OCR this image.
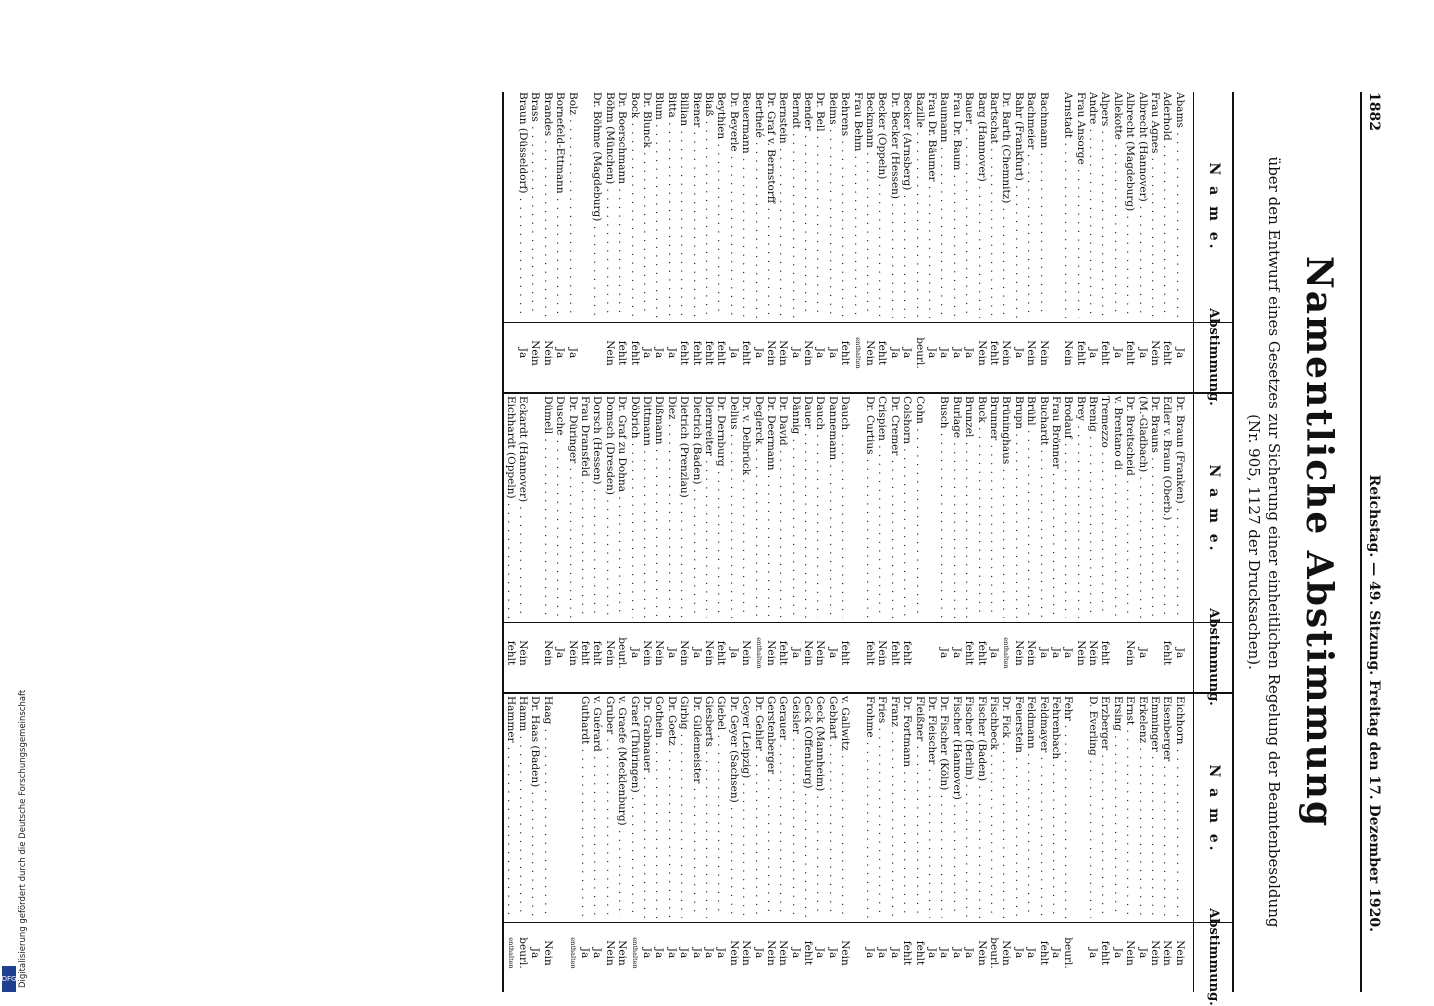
1882
Reichstag. — 49. Sitzung. Freitag den 17. Dezember 1920.
Namentliche Abstimmung
über den Entwurf eines Gesetzes zur Sicherung einer einheitlichen Regelung der Beamtenbesoldung
(Nr. 905, 1127 der Drucksachen).
N a m e.
Abstimmung.
Abams . . .
Ja
Aderhold . . .
fehlt
Frau Agnes . . .
Nein
Albrecht (Hannover) . . .
Ja
Albrecht (Magdeburg) . . .
fehlt
Allekotte . . .
Ja
Alpers . . .
fehlt
Andre . . .
Ja
Frau Ansorge . . .
fehlt
Arnstadt . . .
Nein
Bachmann . . .
Nein
Bachmeier . . .
Nein
Bahr (Frankfurt) . . .
Ja
Dr. Barth (Chemnitz) . . .
Nein
Bartschat . . .
fehlt
Barg (Hannover) . . .
Nein
Bauer . . .
Ja
Frau Dr. Baum . . .
Ja
Baumann . . .
Ja
Frau Dr. Bäumer . . .
Ja
Bazille . . .
beurl.
Becker (Arnsberg) . . .
Ja
Dr. Becker (Hessen) . . .
Ja
Becker (Oppeln) . . .
fehlt
Beckmann . . .
Nein
Frau Behm . . .
enthalten
Behrens . . .
fehlt
Beims . . .
Ja
Dr. Bell . . .
Ja
Bender . . .
Nein
Berndt . . .
Ja
Bernstein . . .
Nein
Dr. Graf v. Bernstorff . . .
Nein
Berthelé . . .
Ja
Beuermann . . .
fehlt
Dr. Beyerle . . .
Ja
Beythien . . .
fehlt
Biaß . . .
fehlt
Biener . . .
fehlt
Billian . . .
fehlt
Bitta . . .
Ja
Blum . . .
Ja
Dr. Blunck . . .
Ja
Bock . . .
fehlt
Dr. Boerschmann . . .
fehlt
Böhm (München) . . .
Nein
Dr. Böhme (Magdeburg) . . .
Bolz . . .
Ja
Bornefeld-Ettmann . . .
Ja
Brandes . . .
Nein
Brass . . .
Nein
Braun (Düsseldorf) . . .
Ja
N a m e.
Abstimmung.
Dr. Braun (Franken) . . .
Ja
Edler v. Braun (Oberb.) . . .
fehlt
Dr. Brauns . . .
(M.-Gladbach) . . .
Ja
Dr. Breitscheid . . .
Nein
v. Brentano di . . .
Tremezzo . . .
fehlt
Brenig . . .
Nein
Brey . . .
Nein
Brodauf . . .
Ja
Frau Brönner . . .
Ja
Buchardt . . .
Ja
Brühl . . .
Nein
Brupn . . .
Nein
Brüninghaus . . .
enthalten
Brunner . . .
Ja
Buck . . .
fehlt
Brunzel . . .
fehlt
Burlage . . .
Ja
Busch . . .
Ja
Cohn . . .
Colshorn . . .
fehlt
Dr. Cremer . . .
fehlt
Crispien . . .
Nein
Dr. Curtius . . .
fehlt
Dauch . . .
fehlt
Dannemann . . .
Ja
Dauch . . .
Nein
Dauer . . .
Nein
Dännig . . .
Ja
Dr. David . . .
fehlt
Dr. Deermann . . .
Nein
Deglerck . . .
enthalten
Dr. v. Delbrück . . .
Nein
Delius . . .
Ja
Dr. Dernburg . . .
fehlt
Diernreiter . . .
Nein
Dietrich (Baden) . . .
Ja
Dietrich (Prenzlau) . . .
Nein
Diez . . .
Ja
Dißmann . . .
Nein
Dittmann . . .
Nein
Döbrich . . .
Ja
Dr. Graf zu Dohna . . .
beurl.
Domsch (Dresden) . . .
Nein
Dorsch (Hessen) . . .
fehlt
Frau Dransfeld . . .
fehlt
Dr. Düringer . . .
Nein
Dusche . . .
Ja
Dümell . . .
Nein
Eckardt (Hannover) . . .
Nein
Eichhardt (Oppeln) . . .
fehlt
N a m e.
Abstimmung.
Eichhorn . . .
Nein
Eisenberger . . .
Nein
Emminger . . .
Nein
Erkelenz . . .
Ja
Ernst . . .
Nein
Ersing . . .
Ja
Erzberger . . .
fehlt
D. Everling . . .
Ja
Fehr . . .
beurl.
Fehrenbach . . .
Ja
Feldmayer . . .
fehlt
Feldmann . . .
Ja
Feuerstein . . .
Ja
Dr. Fick . . .
Nein
Fischbeck . . .
beurl.
Fischer (Baden) . . .
Nein
Fischer (Berlin) . . .
Ja
Fischer (Hannover) . . .
Ja
Dr. Fischer (Köln) . . .
Ja
Dr. Fleischer . . .
Ja
Fleißner . . .
fehlt
Dr. Fortmann . . .
fehlt
Franz . . .
Ja
Fries . . .
Ja
Frohme . . .
Ja
v. Gallwitz . . .
Nein
Gebhart . . .
Ja
Geck (Mannheim) . . .
Ja
Geck (Offenburg) . . .
fehlt
Geisler . . .
Ja
Gerauer . . .
Nein
Gerstenberger . . .
Nein
Dr. Gehler . . .
Ja
Geyer (Leipzig) . . .
Nein
Dr. Geyer (Sachsen) . . .
Nein
Giebel . . .
Ja
Giesberts . . .
Ja
Dr. Gildemeister . . .
Ja
Girbig . . .
Ja
Dr. Goetz . . .
Ja
Gothein . . .
Ja
Dr. Grabnauer . . .
Ja
Graef (Thüringen) . . .
enthalten
v. Graefe (Mecklenburg) . . .
Nein
Gruber . . .
Nein
v. Guérard . . .
Ja
Guthardt . . .
Ja
enthalten
Haag . . .
Nein
Dr. Haas (Baden) . . .
Ja
Hamm . . .
beurl.
Hammer . . .
enthalten
Digitalisierung gefördert durch die Deutsche Forschungsgemeinschaft
DFG
